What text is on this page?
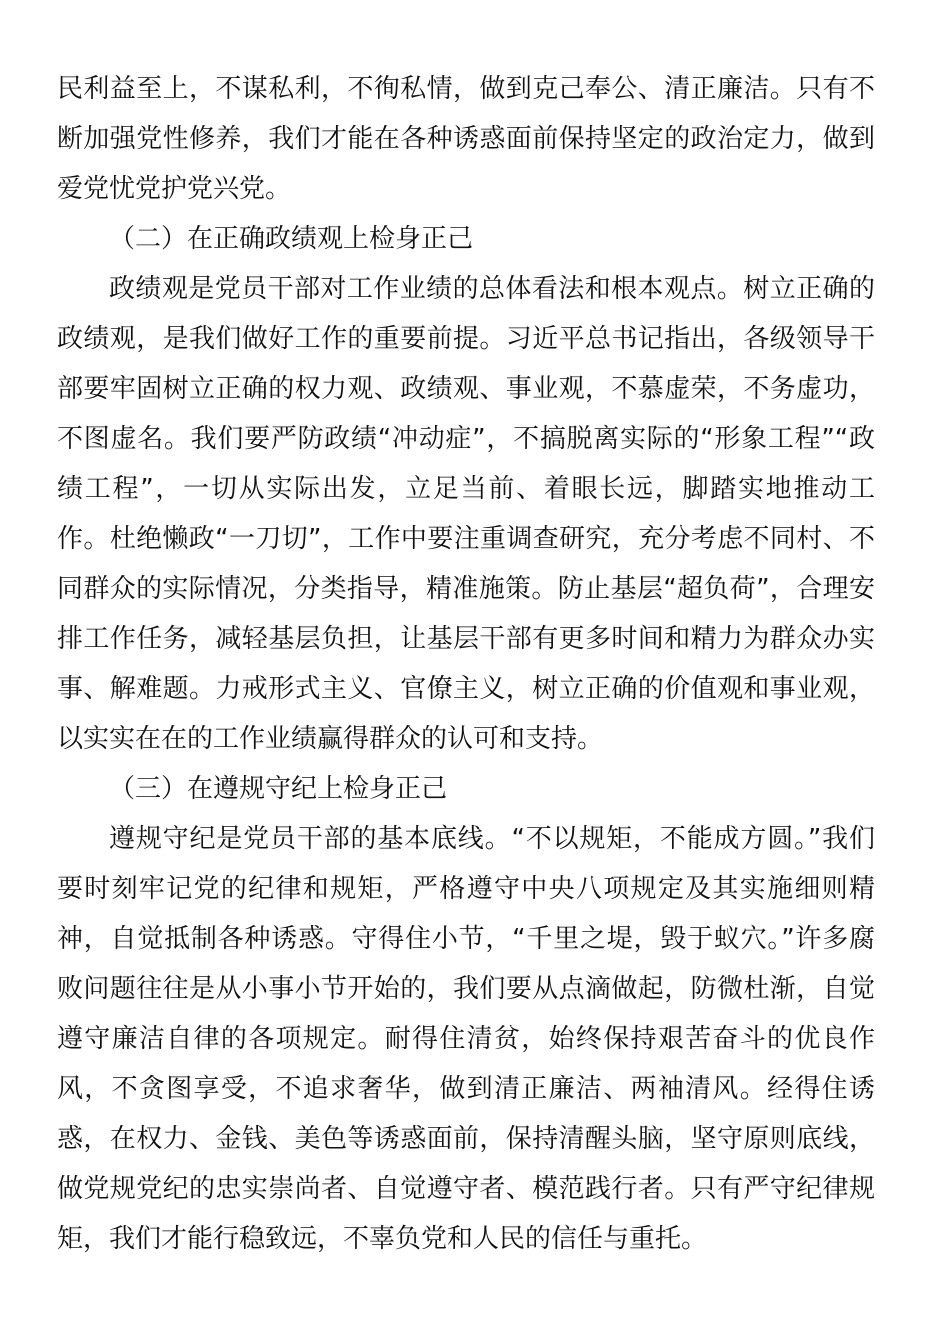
民利益至上，不谋私利，不徇私情，做到克己奉公、清正廉洁。只有不断加强党性修养，我们才能在各种诱惑面前保持坚定的政治定力，做到爱党忧党护党兴党。

（二）在正确政绩观上检身正己

政绩观是党员干部对工作业绩的总体看法和根本观点。树立正确的政绩观，是我们做好工作的重要前提。习近平总书记指出，各级领导干部要牢固树立正确的权力观、政绩观、事业观，不慕虚荣，不务虚功，不图虚名。我们要严防政绩“冲动症”，不搞脱离实际的“形象工程”“政绩工程”，一切从实际出发，立足当前、着眼长远，脚踏实地推动工作。杜绝懒政“一刀切”，工作中要注重调查研究，充分考虑不同村、不同群众的实际情况，分类指导，精准施策。防止基层“超负荷”，合理安排工作任务，减轻基层负担，让基层干部有更多时间和精力为群众办实事、解难题。力戒形式主义、官僚主义，树立正确的价值观和事业观，以实实在在的工作业绩赢得群众的认可和支持。

（三）在遵规守纪上检身正己

遵规守纪是党员干部的基本底线。“不以规矩，不能成方圆。”我们要时刻牢记党的纪律和规矩，严格遵守中央八项规定及其实施细则精神，自觉抵制各种诱惑。守得住小节，“千里之堤，毁于蚁穴。”许多腐败问题往往是从小事小节开始的，我们要从点滴做起，防微杜渐，自觉遵守廉洁自律的各项规定。耐得住清贫，始终保持艰苦奋斗的优良作风，不贪图享受，不追求奢华，做到清正廉洁、两袖清风。经得住诱惑，在权力、金钱、美色等诱惑面前，保持清醒头脑，坚守原则底线，做党规党纪的忠实崇尚者、自觉遵守者、模范践行者。只有严守纪律规矩，我们才能行稳致远，不辜负党和人民的信任与重托。
